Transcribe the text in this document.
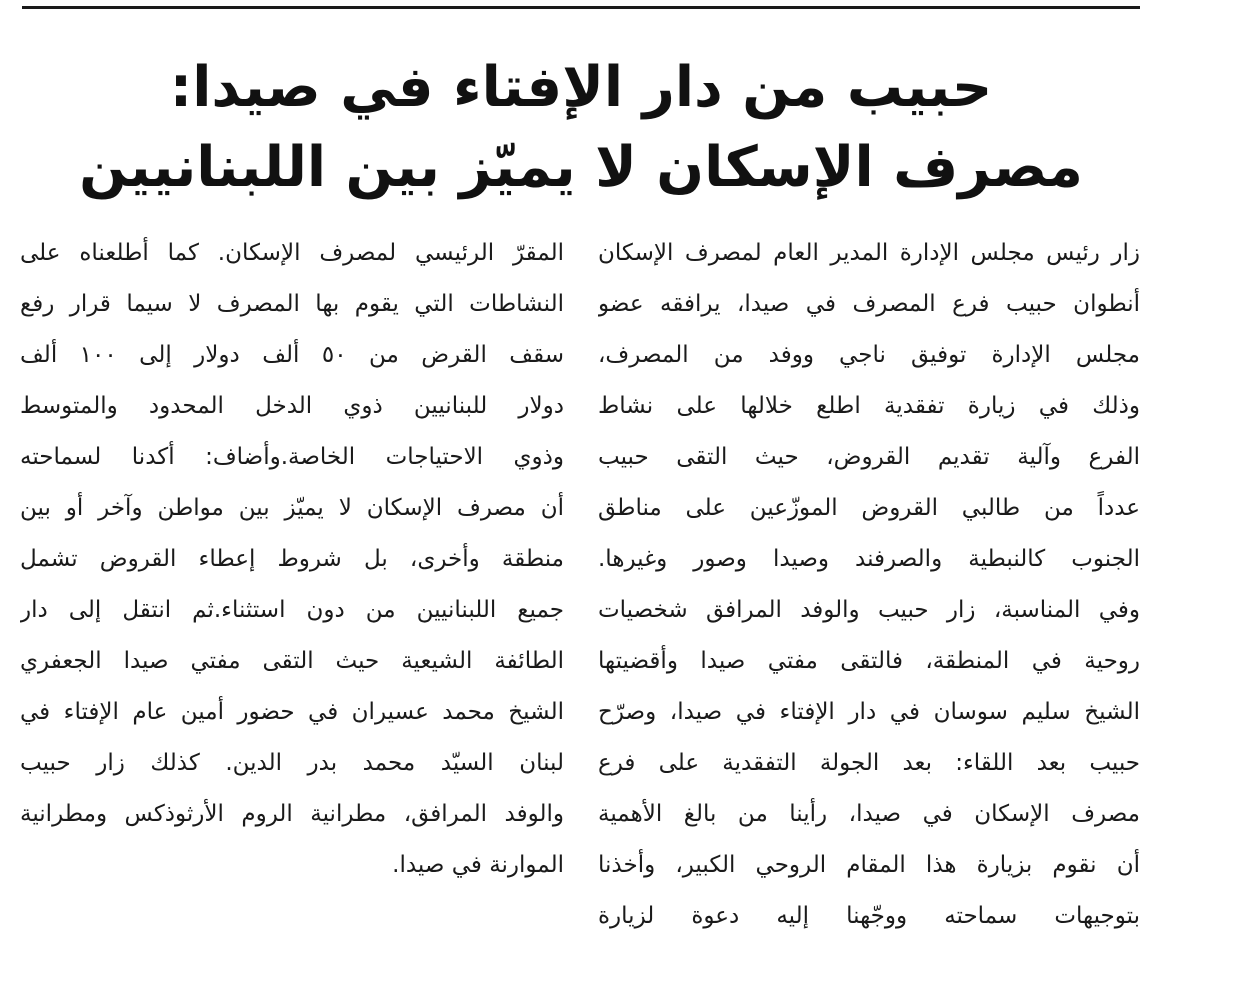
حبيب من دار الإفتاء في صيدا:
مصرف الإسكان لا يميّز بين اللبنانيين
زار رئيس مجلس الإدارة المدير العام لمصرف الإسكان
أنطوان حبيب فرع المصرف في صيدا، يرافقه عضو
مجلس الإدارة توفيق ناجي ووفد من المصرف،
وذلك في زيارة تفقدية اطلع خلالها على نشاط
الفرع وآلية تقديم القروض، حيث التقى حبيب
عدداً من طالبي القروض الموزّعين على مناطق
الجنوب كالنبطية والصرفند وصيدا وصور وغيرها.
وفي المناسبة، زار حبيب والوفد المرافق شخصيات
روحية في المنطقة، فالتقى مفتي صيدا وأقضيتها
الشيخ سليم سوسان في دار الإفتاء في صيدا، وصرّح
حبيب بعد اللقاء: بعد الجولة التفقدية على فرع
مصرف الإسكان في صيدا، رأينا من بالغ الأهمية
أن نقوم بزيارة هذا المقام الروحي الكبير، وأخذنا
بتوجيهات سماحته ووجّهنا إليه دعوة لزيارة
المقرّ الرئيسي لمصرف الإسكان. كما أطلعناه على
النشاطات التي يقوم بها المصرف لا سيما قرار رفع
سقف القرض من ٥٠ ألف دولار إلى ١٠٠ ألف
دولار للبنانيين ذوي الدخل المحدود والمتوسط
وذوي الاحتياجات الخاصة.وأضاف: أكدنا لسماحته
أن مصرف الإسكان لا يميّز بين مواطن وآخر أو بين
منطقة وأخرى، بل شروط إعطاء القروض تشمل
جميع اللبنانيين من دون استثناء.ثم انتقل إلى دار
الطائفة الشيعية حيث التقى مفتي صيدا الجعفري
الشيخ محمد عسيران في حضور أمين عام الإفتاء في
لبنان السيّد محمد بدر الدين. كذلك زار حبيب
والوفد المرافق، مطرانية الروم الأرثوذكس ومطرانية
الموارنة في صيدا.
